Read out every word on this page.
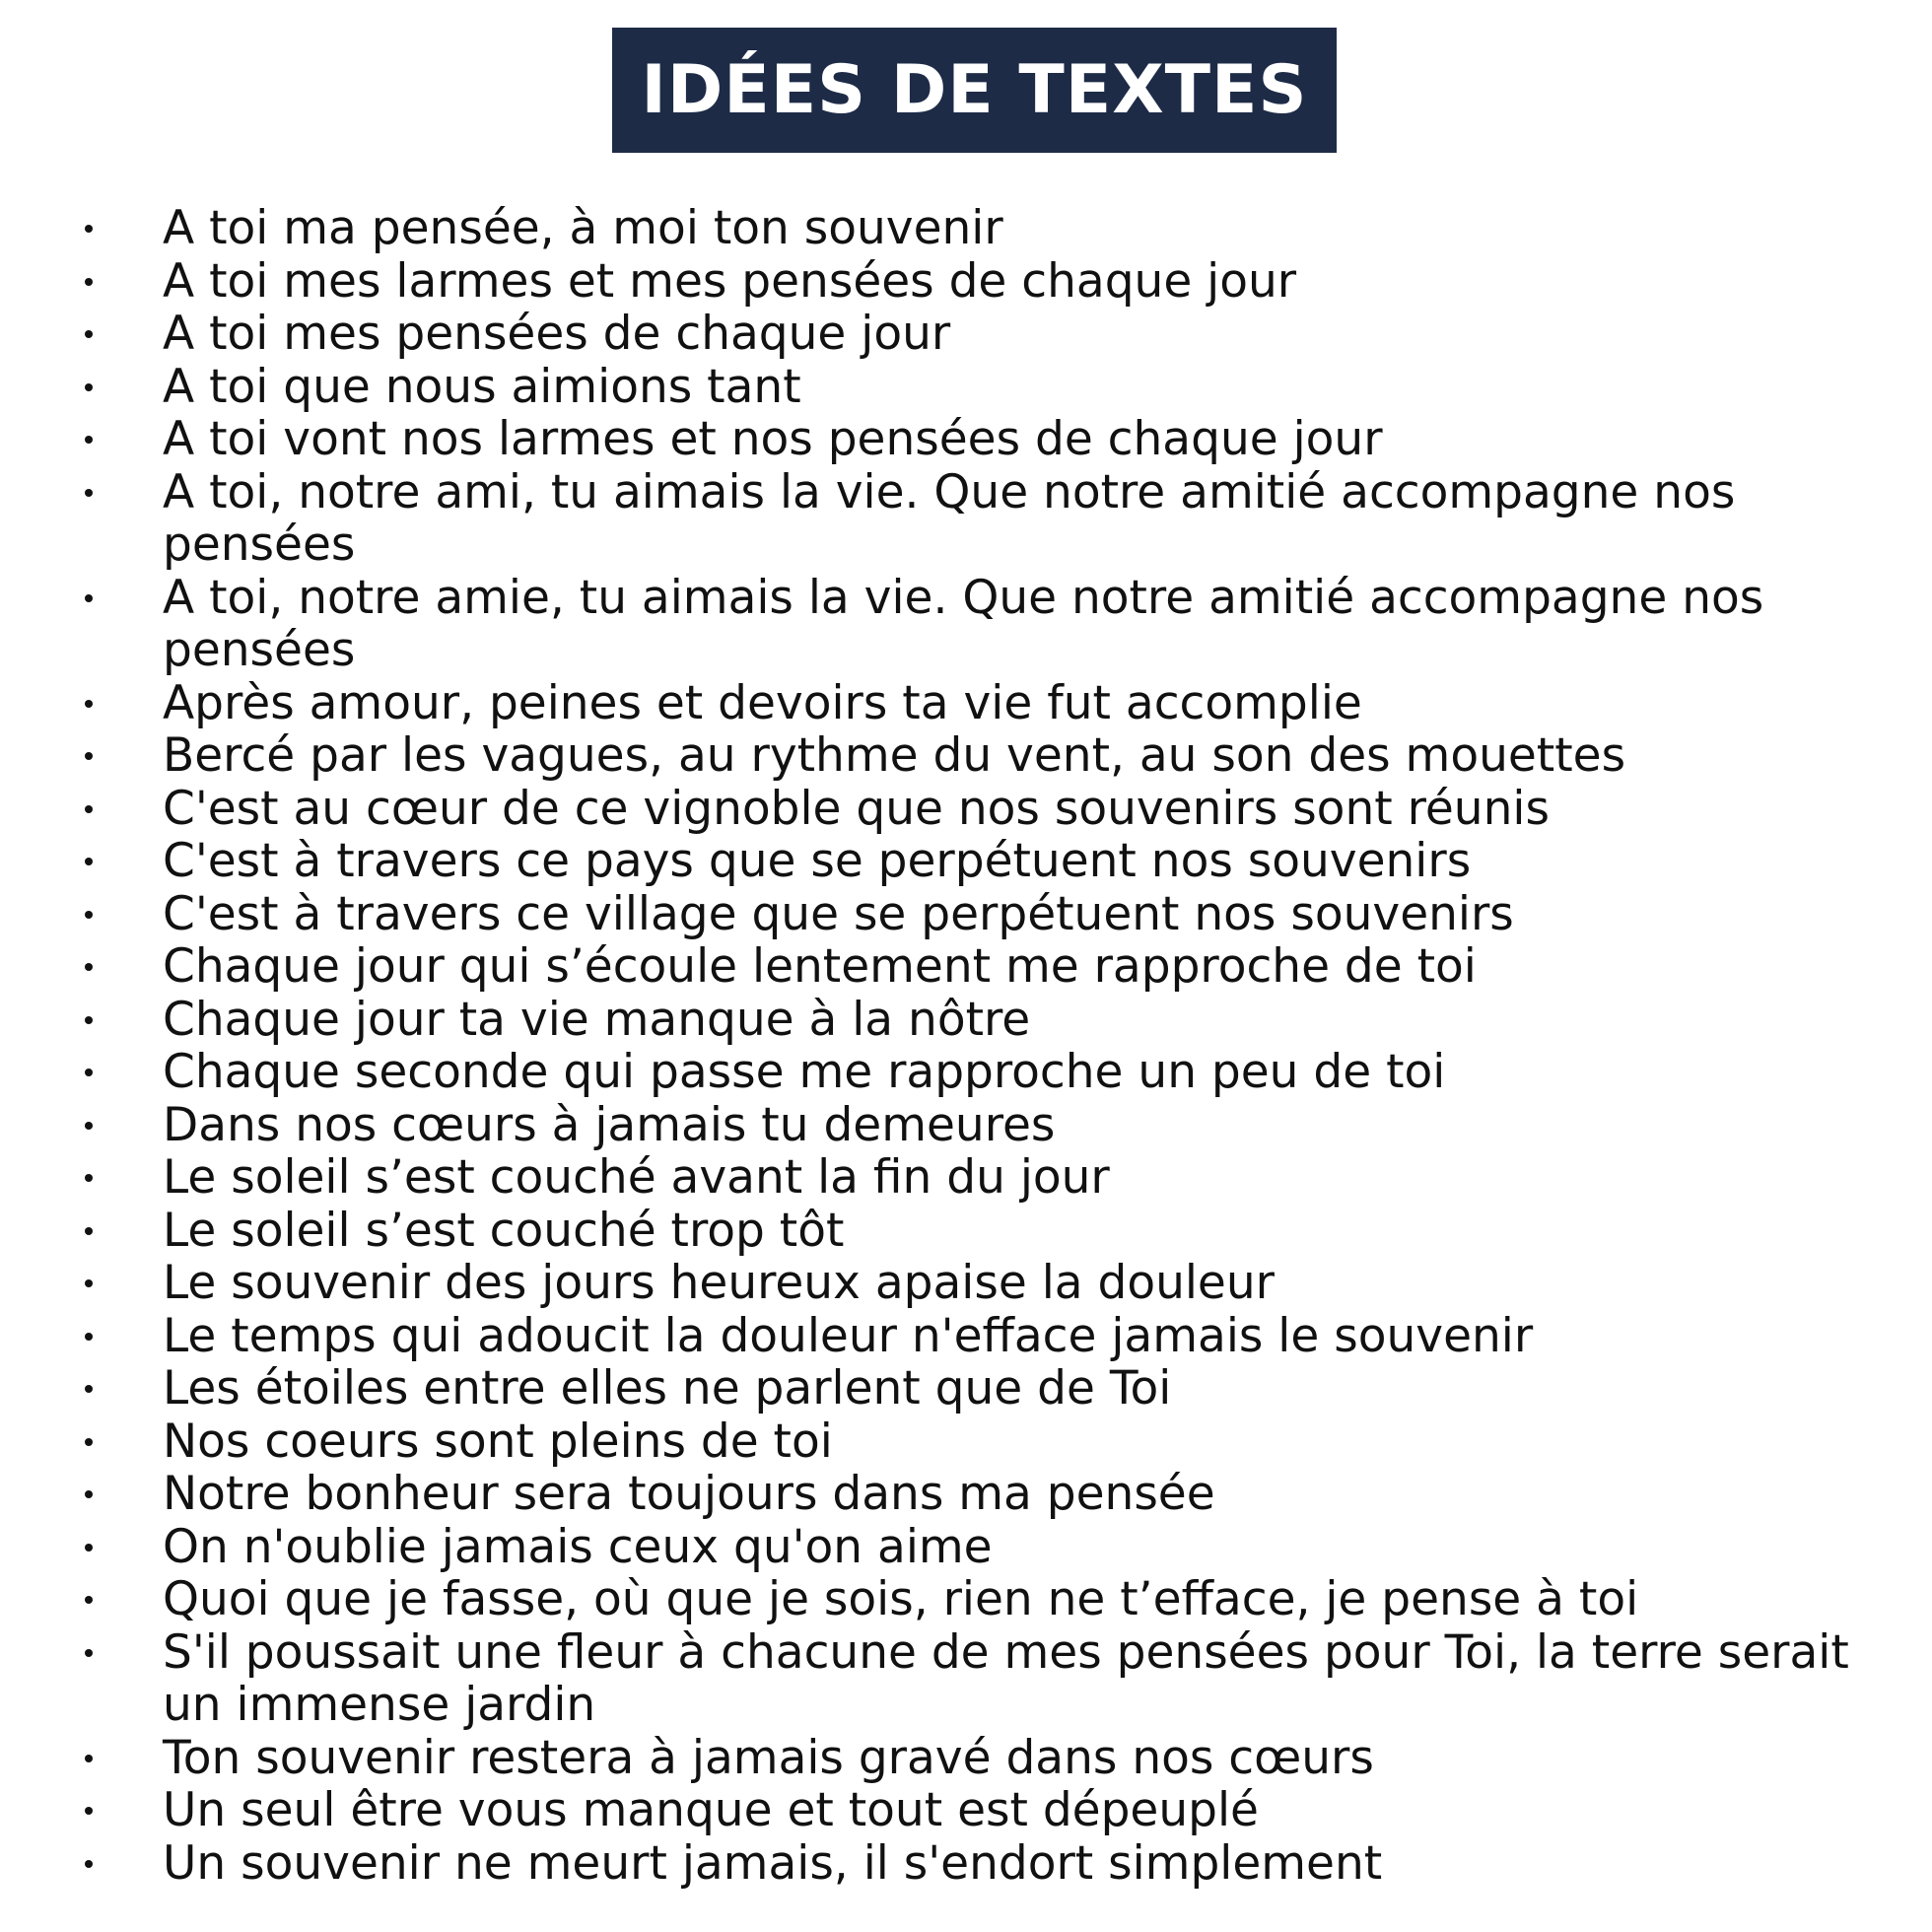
IDÉES DE TEXTES
A toi ma pensée, à moi ton souvenir
A toi mes larmes et mes pensées de chaque jour
A toi mes pensées de chaque jour
A toi que nous aimions tant
A toi vont nos larmes et nos pensées de chaque jour
A toi, notre ami, tu aimais la vie. Que notre amitié accompagne nos pensées
A toi, notre amie, tu aimais la vie. Que notre amitié accompagne nos pensées
Après amour, peines et devoirs ta vie fut accomplie
Bercé par les vagues, au rythme du vent, au son des mouettes
C'est au cœur de ce vignoble que nos souvenirs sont réunis
C'est à travers ce pays que se perpétuent nos souvenirs
C'est à travers ce village que se perpétuent nos souvenirs
Chaque jour qui s’écoule lentement me rapproche de toi
Chaque jour ta vie manque à la nôtre
Chaque seconde qui passe me rapproche un peu de toi
Dans nos cœurs à jamais tu demeures
Le soleil s’est couché avant la fin du jour
Le soleil s’est couché trop tôt
Le souvenir des jours heureux apaise la douleur
Le temps qui adoucit la douleur n'efface jamais le souvenir
Les étoiles entre elles ne parlent que de Toi
Nos coeurs sont pleins de toi
Notre bonheur sera toujours dans ma pensée
On n'oublie jamais ceux qu'on aime
Quoi que je fasse, où que je sois, rien ne t’efface, je pense à toi
S'il poussait une fleur à chacune de mes pensées pour Toi, la terre serait un immense jardin
Ton souvenir restera à jamais gravé dans nos cœurs
Un seul être vous manque et tout est dépeuplé
Un souvenir ne meurt jamais, il s'endort simplement
